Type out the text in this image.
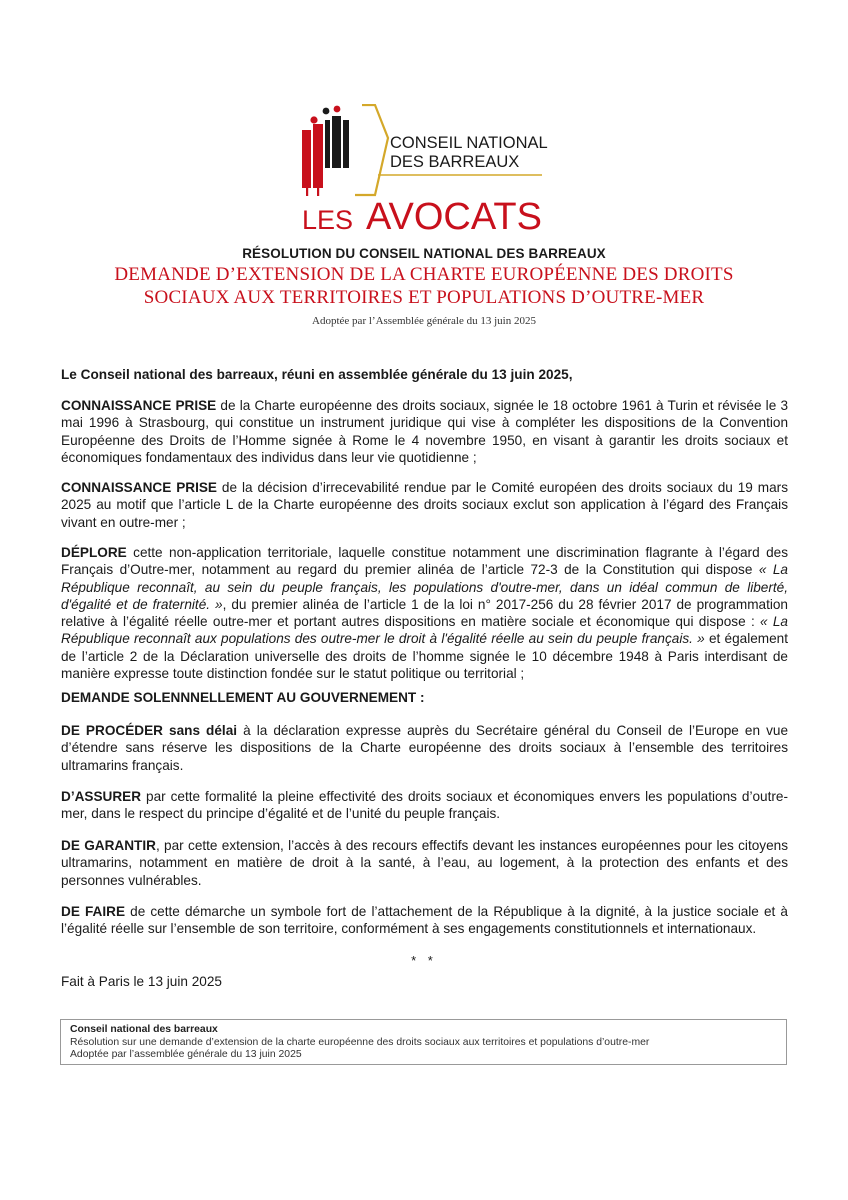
CONSEIL NATIONAL
DES BARREAUX
LES AVOCATS
RÉSOLUTION DU CONSEIL NATIONAL DES BARREAUX
DEMANDE D’EXTENSION DE LA CHARTE EUROPÉENNE DES DROITS
SOCIAUX AUX TERRITOIRES ET POPULATIONS D’OUTRE-MER
Adoptée par l’Assemblée générale du 13 juin 2025

Le Conseil national des barreaux, réuni en assemblée générale du 13 juin 2025,

CONNAISSANCE PRISE de la Charte européenne des droits sociaux, signée le 18 octobre 1961 à Turin et révisée le 3 mai 1996 à Strasbourg, qui constitue un instrument juridique qui vise à compléter les dispositions de la Convention Européenne des Droits de l’Homme signée à Rome le 4 novembre 1950, en visant à garantir les droits sociaux et économiques fondamentaux des individus dans leur vie quotidienne ;

CONNAISSANCE PRISE de la décision d’irrecevabilité rendue par le Comité européen des droits sociaux du 19 mars 2025 au motif que l’article L de la Charte européenne des droits sociaux exclut son application à l’égard des Français vivant en outre-mer ;

DÉPLORE cette non-application territoriale, laquelle constitue notamment une discrimination flagrante à l’égard des Français d’Outre-mer, notamment au regard du premier alinéa de l’article 72-3 de la Constitution qui dispose « La République reconnaît, au sein du peuple français, les populations d'outre-mer, dans un idéal commun de liberté, d'égalité et de fraternité. », du premier alinéa de l’article 1 de la loi n° 2017-256 du 28 février 2017 de programmation relative à l’égalité réelle outre-mer et portant autres dispositions en matière sociale et économique qui dispose : « La République reconnaît aux populations des outre-mer le droit à l'égalité réelle au sein du peuple français. » et également de l’article 2 de la Déclaration universelle des droits de l’homme signée le 10 décembre 1948 à Paris interdisant de manière expresse toute distinction fondée sur le statut politique ou territorial ;

DEMANDE SOLENNNELLEMENT AU GOUVERNEMENT :

DE PROCÉDER sans délai à la déclaration expresse auprès du Secrétaire général du Conseil de l’Europe en vue d’étendre sans réserve les dispositions de la Charte européenne des droits sociaux à l’ensemble des territoires ultramarins français.

D’ASSURER par cette formalité la pleine effectivité des droits sociaux et économiques envers les populations d’outre-mer, dans le respect du principe d’égalité et de l’unité du peuple français.

DE GARANTIR, par cette extension, l’accès à des recours effectifs devant les instances européennes pour les citoyens ultramarins, notamment en matière de droit à la santé, à l’eau, au logement, à la protection des enfants et des personnes vulnérables.

DE FAIRE de cette démarche un symbole fort de l’attachement de la République à la dignité, à la justice sociale et à l’égalité réelle sur l’ensemble de son territoire, conformément à ses engagements constitutionnels et internationaux.

Fait à Paris le 13 juin 2025

* *
Conseil national des barreaux
Résolution sur une demande d’extension de la charte européenne des droits sociaux aux territoires et populations d’outre-mer
Adoptée par l’assemblée générale du 13 juin 2025
